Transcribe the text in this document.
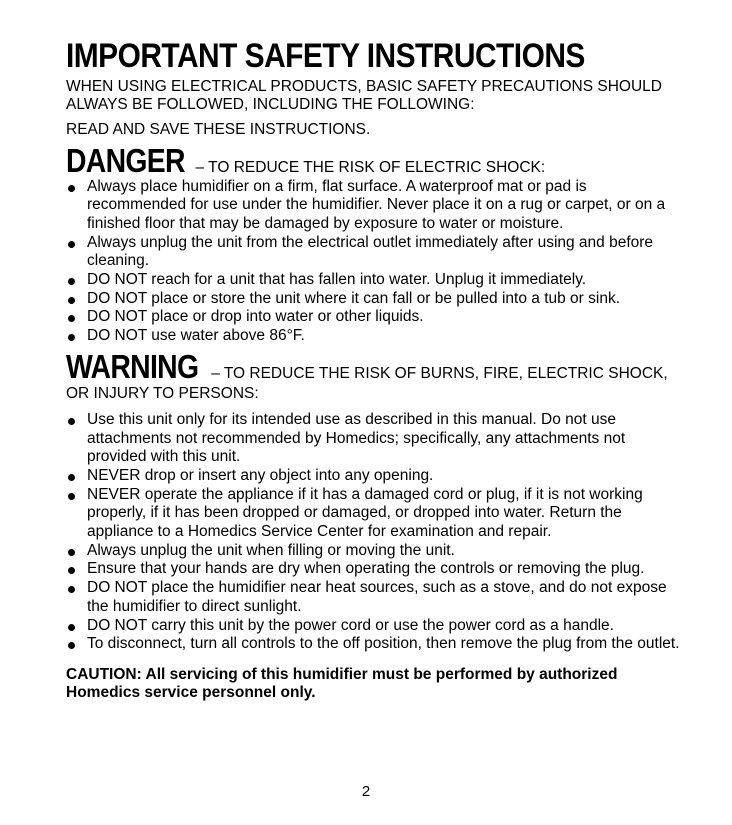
IMPORTANT SAFETY INSTRUCTIONS

WHEN USING ELECTRICAL PRODUCTS, BASIC SAFETY PRECAUTIONS SHOULD ALWAYS BE FOLLOWED, INCLUDING THE FOLLOWING:

READ AND SAVE THESE INSTRUCTIONS.

DANGER – TO REDUCE THE RISK OF ELECTRIC SHOCK:

Always place humidifier on a firm, flat surface. A waterproof mat or pad is recommended for use under the humidifier. Never place it on a rug or carpet, or on a finished floor that may be damaged by exposure to water or moisture.
Always unplug the unit from the electrical outlet immediately after using and before cleaning.
DO NOT reach for a unit that has fallen into water. Unplug it immediately.
DO NOT place or store the unit where it can fall or be pulled into a tub or sink.
DO NOT place or drop into water or other liquids.
DO NOT use water above 86°F.

WARNING – TO REDUCE THE RISK OF BURNS, FIRE, ELECTRIC SHOCK, OR INJURY TO PERSONS:

Use this unit only for its intended use as described in this manual. Do not use attachments not recommended by Homedics; specifically, any attachments not provided with this unit.
NEVER drop or insert any object into any opening.
NEVER operate the appliance if it has a damaged cord or plug, if it is not working properly, if it has been dropped or damaged, or dropped into water. Return the appliance to a Homedics Service Center for examination and repair.
Always unplug the unit when filling or moving the unit.
Ensure that your hands are dry when operating the controls or removing the plug.
DO NOT place the humidifier near heat sources, such as a stove, and do not expose the humidifier to direct sunlight.
DO NOT carry this unit by the power cord or use the power cord as a handle.
To disconnect, turn all controls to the off position, then remove the plug from the outlet.

CAUTION: All servicing of this humidifier must be performed by authorized Homedics service personnel only.

2
